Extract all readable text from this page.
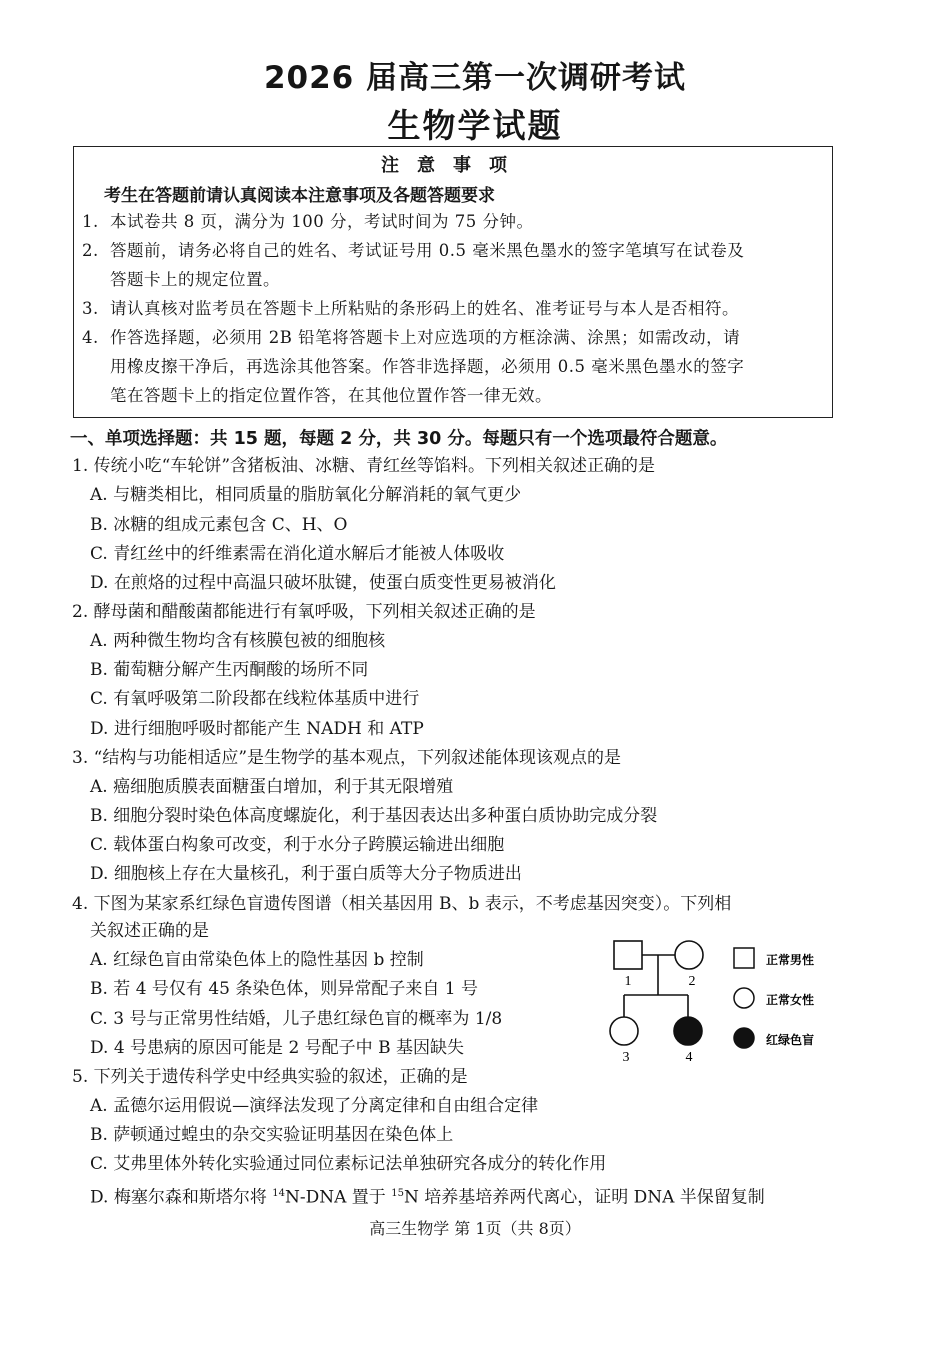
2026 届高三第一次调研考试
生物学试题
注意事项
考生在答题前请认真阅读本注意事项及各题答题要求
1. 本试卷共 8 页，满分为 100 分，考试时间为 75 分钟。
2. 答题前，请务必将自己的姓名、考试证号用 0.5 毫米黑色墨水的签字笔填写在试卷及
答题卡上的规定位置。
3. 请认真核对监考员在答题卡上所粘贴的条形码上的姓名、准考证号与本人是否相符。
4. 作答选择题，必须用 2B 铅笔将答题卡上对应选项的方框涂满、涂黑；如需改动，请
用橡皮擦干净后，再选涂其他答案。作答非选择题，必须用 0.5 毫米黑色墨水的签字
笔在答题卡上的指定位置作答，在其他位置作答一律无效。
一、单项选择题：共 15 题，每题 2 分，共 30 分。每题只有一个选项最符合题意。
1. 传统小吃“车轮饼”含猪板油、冰糖、青红丝等馅料。下列相关叙述正确的是
A. 与糖类相比，相同质量的脂肪氧化分解消耗的氧气更少
B. 冰糖的组成元素包含 C、H、O
C. 青红丝中的纤维素需在消化道水解后才能被人体吸收
D. 在煎烙的过程中高温只破坏肽键，使蛋白质变性更易被消化
2. 酵母菌和醋酸菌都能进行有氧呼吸，下列相关叙述正确的是
A. 两种微生物均含有核膜包被的细胞核
B. 葡萄糖分解产生丙酮酸的场所不同
C. 有氧呼吸第二阶段都在线粒体基质中进行
D. 进行细胞呼吸时都能产生 NADH 和 ATP
3. “结构与功能相适应”是生物学的基本观点，下列叙述能体现该观点的是
A. 癌细胞质膜表面糖蛋白增加，利于其无限增殖
B. 细胞分裂时染色体高度螺旋化，利于基因表达出多种蛋白质协助完成分裂
C. 载体蛋白构象可改变，利于水分子跨膜运输进出细胞
D. 细胞核上存在大量核孔，利于蛋白质等大分子物质进出
4. 下图为某家系红绿色盲遗传图谱（相关基因用 B、b 表示，不考虑基因突变）。下列相
关叙述正确的是
A. 红绿色盲由常染色体上的隐性基因 b 控制
B. 若 4 号仅有 45 条染色体，则异常配子来自 1 号
C. 3 号与正常男性结婚，儿子患红绿色盲的概率为 1/8
D. 4 号患病的原因可能是 2 号配子中 B 基因缺失
1	2
3	4
正常男性
正常女性
红绿色盲
5. 下列关于遗传科学史中经典实验的叙述，正确的是
A. 孟德尔运用假说—演绎法发现了分离定律和自由组合定律
B. 萨顿通过蝗虫的杂交实验证明基因在染色体上
C. 艾弗里体外转化实验通过同位素标记法单独研究各成分的转化作用
D. 梅塞尔森和斯塔尔将 $^{14}$N-DNA 置于 $^{15}$N 培养基培养两代离心，证明 DNA 半保留复制
高三生物学 第 1页（共 8页）
